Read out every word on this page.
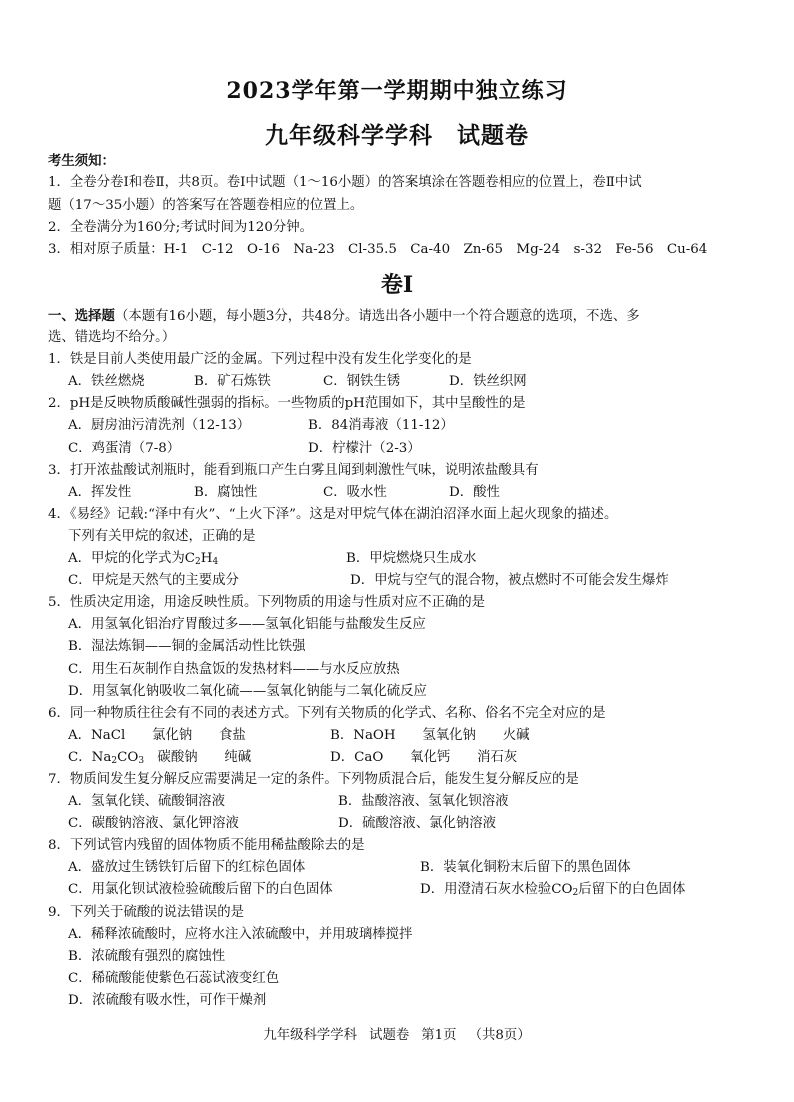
2023学年第一学期期中独立练习
九年级科学学科　试题卷
考生须知：
1．全卷分卷Ⅰ和卷Ⅱ，共8页。卷Ⅰ中试题（1～16小题）的答案填涂在答题卷相应的位置上，卷Ⅱ中试
题（17～35小题）的答案写在答题卷相应的位置上。
2．全卷满分为160分;考试时间为120分钟。
3．相对原子质量：H-1　C-12　O-16　Na-23　Cl-35.5　Ca-40　Zn-65　Mg-24　s-32　Fe-56　Cu-64
卷Ⅰ
一、选择题（本题有16小题，每小题3分，共48分。请选出各小题中一个符合题意的选项，不选、多
选、错选均不给分。）
1．铁是目前人类使用最广泛的金属。下列过程中没有发生化学变化的是
A．铁丝燃烧	B．矿石炼铁	C．钢铁生锈	D．铁丝织网
2．pH是反映物质酸碱性强弱的指标。一些物质的pH范围如下，其中呈酸性的是
A．厨房油污清洗剂（12-13）	B．84消毒液（11-12）
C．鸡蛋清（7-8）	D．柠檬汁（2-3）
3．打开浓盐酸试剂瓶时，能看到瓶口产生白雾且闻到刺激性气味，说明浓盐酸具有
A．挥发性	B．腐蚀性	C．吸水性	D．酸性
4．《易经》记载:“泽中有火”、“上火下泽”。这是对甲烷气体在湖泊沼泽水面上起火现象的描述。
下列有关甲烷的叙述，正确的是
A．甲烷的化学式为$C_2H_4$	B．甲烷燃烧只生成水
C．甲烷是天然气的主要成分	D．甲烷与空气的混合物，被点燃时不可能会发生爆炸
5．性质决定用途，用途反映性质。下列物质的用途与性质对应不正确的是
A．用氢氧化铝治疗胃酸过多——氢氧化铝能与盐酸发生反应
B．湿法炼铜——铜的金属活动性比铁强
C．用生石灰制作自热盒饭的发热材料——与水反应放热
D．用氢氧化钠吸收二氧化硫——氢氧化钠能与二氧化硫反应
6．同一种物质往往会有不同的表述方式。下列有关物质的化学式、名称、俗名不完全对应的是
A．NaCl　　氯化钠　　食盐	B．NaOH　　氢氧化钠　　火碱
C．$Na_2CO_3$　碳酸钠　　纯碱	D．CaO　　氧化钙　　消石灰
7．物质间发生复分解反应需要满足一定的条件。下列物质混合后，能发生复分解反应的是
A．氢氧化镁、硫酸铜溶液	B．盐酸溶液、氢氧化钡溶液
C．碳酸钠溶液、氯化钾溶液	D．硫酸溶液、氯化钠溶液
8．下列试管内残留的固体物质不能用稀盐酸除去的是
A．盛放过生锈铁钉后留下的红棕色固体	B．装氧化铜粉末后留下的黑色固体
C．用氯化钡试液检验硫酸后留下的白色固体	D．用澄清石灰水检验$CO_2$后留下的白色固体
9．下列关于硫酸的说法错误的是
A．稀释浓硫酸时，应将水注入浓硫酸中，并用玻璃棒搅拌
B．浓硫酸有强烈的腐蚀性
C．稀硫酸能使紫色石蕊试液变红色
D．浓硫酸有吸水性，可作干燥剂
九年级科学学科 试题卷 第1页 （共8页）
